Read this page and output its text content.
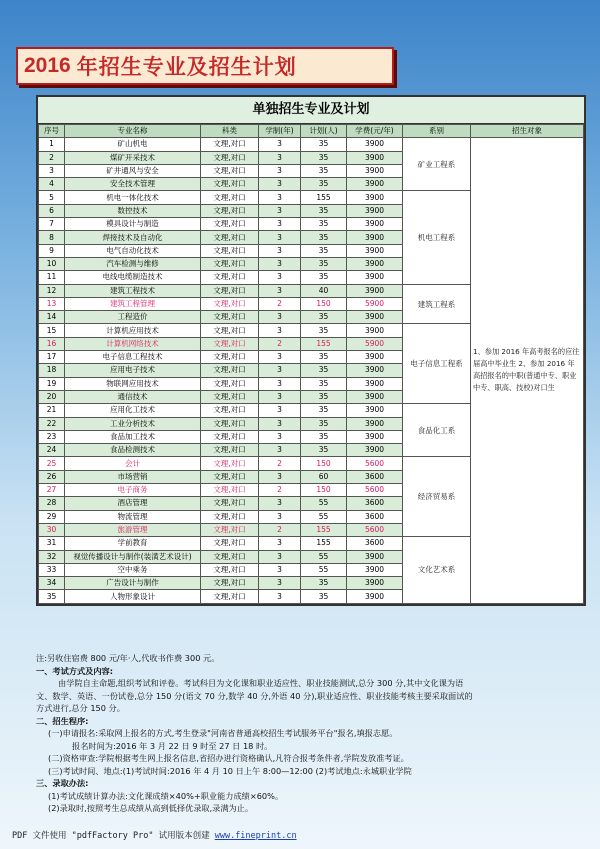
2016 年招生专业及招生计划
单独招生专业及计划
序号	专业名称	科类	学制(年)	计划(人)	学费(元/年)	系别	招生对象
1	矿山机电	文理,对口	3	35	3900	矿业工程系	1、参加 2016 年高考报名的应往届高中毕业生 2、参加 2016 年高招报名的中职(普通中专、职业中专、职高、技校)对口生
2	煤矿开采技术	文理,对口	3	35	3900		
3	矿井通风与安全	文理,对口	3	35	3900		
4	安全技术管理	文理,对口	3	35	3900		
5	机电一体化技术	文理,对口	3	155	3900	机电工程系	
6	数控技术	文理,对口	3	35	3900		
7	模具设计与制造	文理,对口	3	35	3900		
8	焊接技术及自动化	文理,对口	3	35	3900		
9	电气自动化技术	文理,对口	3	35	3900		
10	汽车检测与维修	文理,对口	3	35	3900		
11	电线电缆制造技术	文理,对口	3	35	3900		
12	建筑工程技术	文理,对口	3	40	3900	建筑工程系	
13	建筑工程管理	文理,对口	2	150	5900		
14	工程造价	文理,对口	3	35	3900		
15	计算机应用技术	文理,对口	3	35	3900	电子信息工程系	
16	计算机网络技术	文理,对口	2	155	5900		
17	电子信息工程技术	文理,对口	3	35	3900		
18	应用电子技术	文理,对口	3	35	3900		
19	物联网应用技术	文理,对口	3	35	3900		
20	通信技术	文理,对口	3	35	3900		
21	应用化工技术	文理,对口	3	35	3900	食品化工系	
22	工业分析技术	文理,对口	3	35	3900		
23	食品加工技术	文理,对口	3	35	3900		
24	食品检测技术	文理,对口	3	35	3900		
25	会计	文理,对口	2	150	5600	经济贸易系	
26	市场营销	文理,对口	3	60	3600		
27	电子商务	文理,对口	2	150	5600		
28	酒店管理	文理,对口	3	55	3600		
29	物流管理	文理,对口	3	55	3600		
30	旅游管理	文理,对口	2	155	5600		
31	学前教育	文理,对口	3	155	3600	文化艺术系	
32	视觉传播设计与制作(装潢艺术设计)	文理,对口	3	55	3900		
33	空中乘务	文理,对口	3	55	3900		
34	广告设计与制作	文理,对口	3	35	3900		
35	人物形象设计	文理,对口	3	35	3900		
注:另收住宿费 800 元/年·人,代收书作费 300 元。
一、考试方式及内容:
由学院自主命题,组织考试和评卷。考试科目为文化课和职业适应性、职业技能测试,总分 300 分,其中文化课为语
文、数学、英语、一份试卷,总分 150 分(语文 70 分,数学 40 分,外语 40 分),职业适应性、职业技能考核主要采取面试的
方式进行,总分 150 分。
二、招生程序:
(一)申请报名:采取网上报名的方式,考生登录"河南省普通高校招生考试服务平台"报名,填报志愿。
报名时间为:2016 年 3 月 22 日 9 时至 27 日 18 时。
(二)资格审查:学院根据考生网上报名信息,省招办进行资格确认,凡符合报考条件者,学院发放准考证。
(三)考试时间、地点:(1)考试时间:2016 年 4 月 10 日上午 8:00—12:00 (2)考试地点:永城职业学院
三、录取办法:
(1)考试成绩计算办法:文化课成绩×40%+职业能力成绩×60%。
(2)录取时,按照考生总成绩从高到低择优录取,录满为止。
PDF 文件使用 "pdfFactory Pro" 试用版本创建 www.fineprint.cn
